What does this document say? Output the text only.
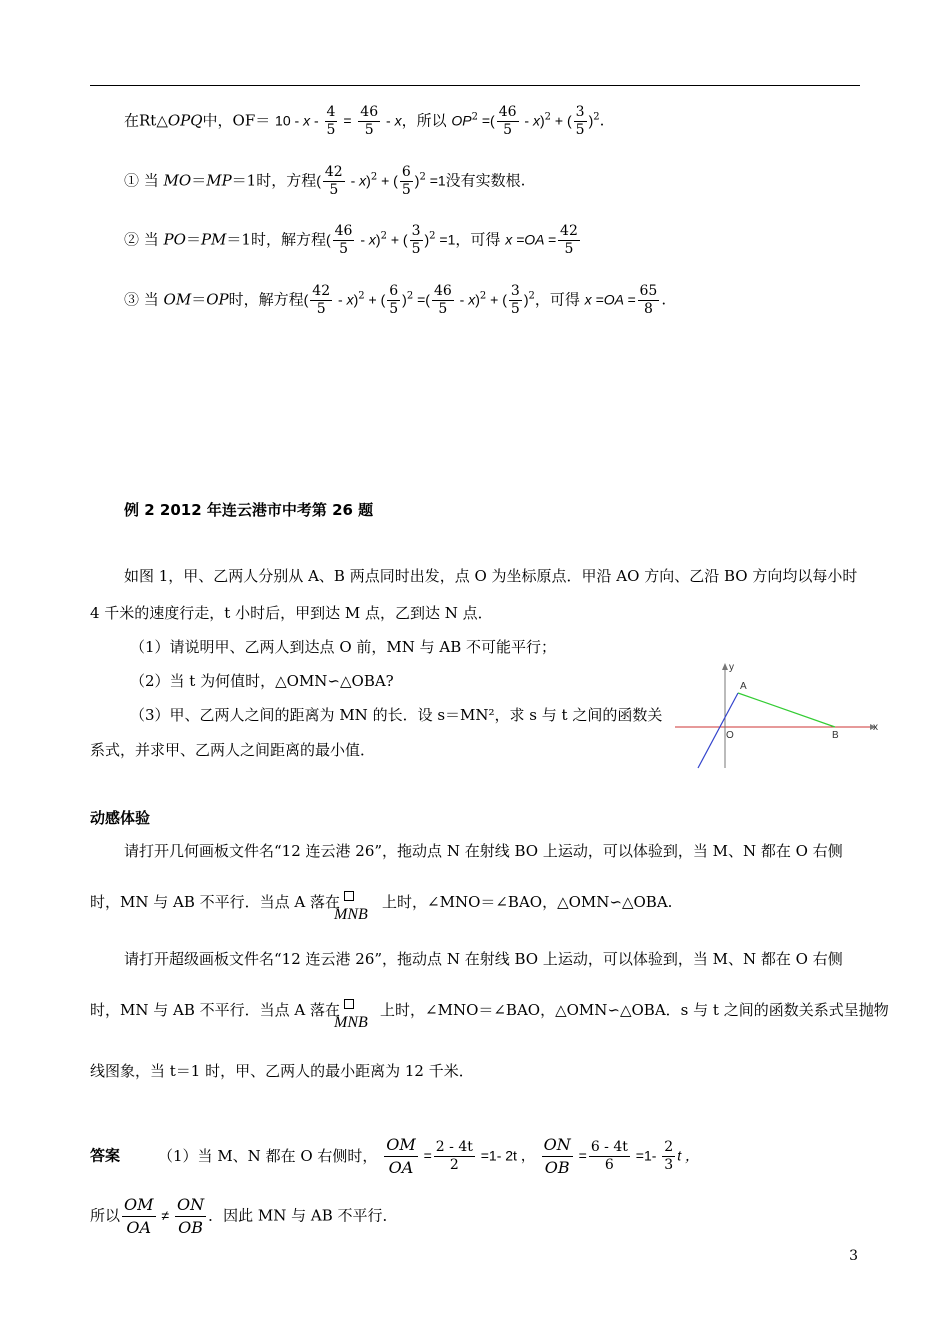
在Rt△OPQ中，$OF= 10 - x - \frac{4}{5} = \frac{46}{5} - x$，所以 $OP^2$ =( $\frac{46}{5} - x)^2$ + ( $\frac{3}{5} )^2$.
① 当 MO＝MP＝1时，方程( $\frac{42}{5} - x)^2$ + ( $\frac{6}{5} )^2 =1$没有实数根.
② 当 PO＝PM＝1时，解方程( $\frac{46}{5} - x)^2$ + ( $\frac{3}{5} )^2 =1$，可得 $x =OA = \frac{42}{5}$
③ 当 OM＝OP时，解方程( $\frac{42}{5} - x)^2$ + ( $\frac{6}{5} )^2$ =( $\frac{46}{5} - x)^2$ + ( $\frac{3}{5} )^2$，可得 $x =OA = \frac{65}{8}$ .
例 2 2012 年连云港市中考第 26 题
如图 1，甲、乙两人分别从 A、B 两点同时出发，点 O 为坐标原点．甲沿 AO 方向、乙沿 BO 方向均以每小时
4 千米的速度行走，t 小时后，甲到达 M 点，乙到达 N 点．
（1）请说明甲、乙两人到达点 O 前，MN 与 AB 不可能平行；
（2）当 t 为何值时，△OMN∽△OBA?
（3）甲、乙两人之间的距离为 MN 的长．设 s＝MN²，求 s 与 t 之间的函数关
系式，并求甲、乙两人之间距离的最小值．
y
x
A
O	B
动感体验
请打开几何画板文件名“12 连云港 26”，拖动点 N 在射线 BO 上运动，可以体验到，当 M、N 都在 O 右侧
时，MN 与 AB 不平行．当点 A 落在
MNB
上时，∠MNO＝∠BAO，△OMN∽△OBA.
请打开超级画板文件名“12 连云港 26”，拖动点 N 在射线 BO 上运动，可以体验到，当 M、N 都在 O 右侧
时，MN 与 AB 不平行．当点 A 落在
MNB
上时，∠MNO＝∠BAO，△OMN∽△OBA．s 与 t 之间的函数关系式呈抛物
线图象，当 t＝1 时，甲、乙两人的最小距离为 12 千米．
答案	（1）当 M、N 都在 O 右侧时， $\frac{OM}{OA} = \frac{2 - 4t}{2} =1-$ 2t ， $\frac{ON}{OB} = \frac{6 - 4t}{6} =1- \frac{2}{3}$ t ，
所以 $\frac{OM}{OA} \ne \frac{ON}{OB}$ ．因此 MN 与 AB 不平行．
3
